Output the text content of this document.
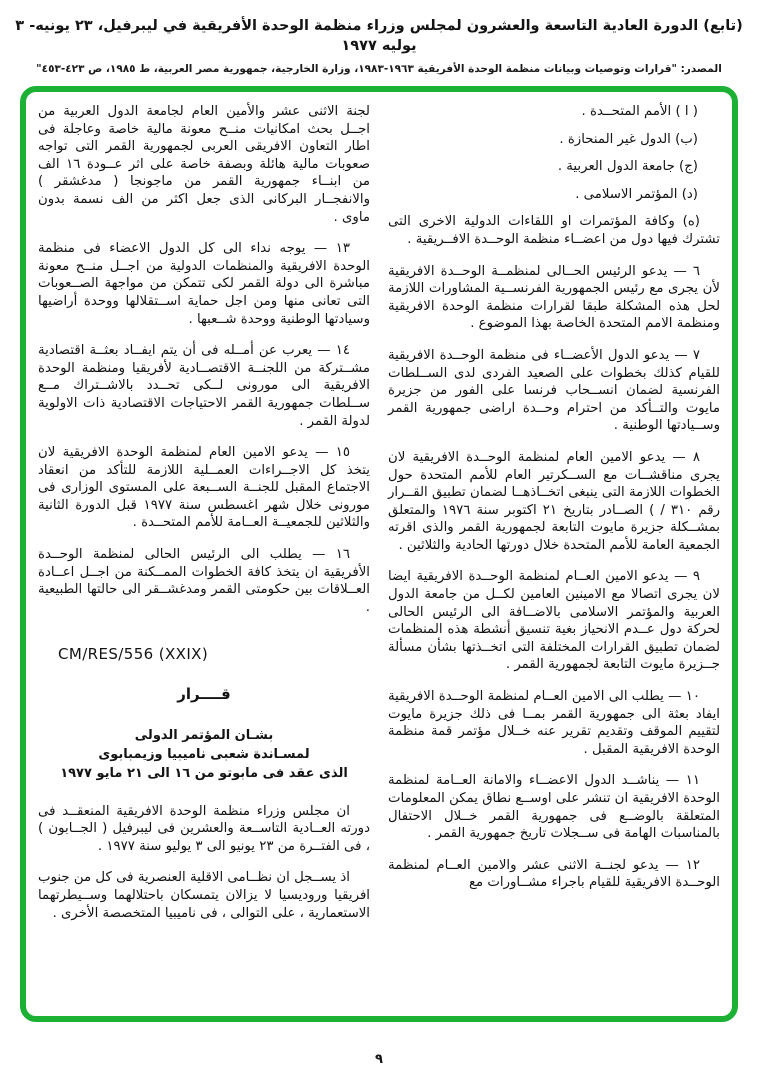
(تابع) الدورة العادية التاسعة والعشرون لمجلس وزراء منظمة الوحدة الأفريقية في ليبرفيل، ٢٣ يونيه- ٣ يوليه ١٩٧٧
المصدر: "قرارات وتوصيات وبيانات منظمة الوحدة الأفريقية ١٩٦٣-١٩٨٣، وزارة الخارجية، جمهورية مصر العربية، ط ١٩٨٥، ص ٤٢٣-٤٥٣"

( ا ) الأمم المتحــدة .

(ب) الدول غير المنحازة .

(ج) جامعة الدول العربية .

(د) المؤتمر الاسلامى .

(ه) وكافة المؤتمرات او اللقاءات الدولية الاخرى التى تشترك فيها دول من اعضــاء منظمة الوحــدة الافــريقية .

٦ — يدعو الرئيس الحــالى لمنظمــة الوحــدة الافريقية لأن يجرى مع رئيس الجمهورية الفرنســية المشاورات اللازمة لحل هذه المشكلة طبقا لقرارات منظمة الوحدة الافريقية ومنظمة الامم المتحدة الخاصة بهذا الموضوع .

٧ — يدعو الدول الأعضــاء فى منظمة الوحــدة الافريقية للقيام كذلك بخطوات على الصعيد الفردى لدى الســلطات الفرنسية لضمان انســحاب فرنسا على الفور من جزيرة مايوت والتــأكد من احترام وحــدة اراضى جمهورية القمر وســيادتها الوطنية .

٨ — يدعو الامين العام لمنظمة الوحــدة الافريقية لان يجرى مناقشــات مع الســكرتير العام للأمم المتحدة حول الخطوات اللازمة التى ينبغى اتخــاذهــا لضمان تطبيق القــرار رقم ٣١٠ / ) الصــادر بتاريخ ٢١ اكتوبر سنة ١٩٧٦ والمتعلق بمشــكلة جزيرة مايوت التابعة لجمهورية القمر والذى اقرته الجمعية العامة للأمم المتحدة خلال دورتها الحادية والثلاثين .

٩ — يدعو الامين العــام لمنظمة الوحــدة الافريقية ايضا لان يجرى اتصالا مع الامينين العامين لكــل من جامعة الدول العربية والمؤتمر الاسلامى بالاضــافة الى الرئيس الحالى لحركة دول عــدم الانحياز بغية تنسيق أنشطة هذه المنظمات لضمان تطبيق القرارات المختلفة التى اتخــذتها بشأن مسألة جــزيرة مايوت التابعة لجمهورية القمر .

١٠ — يطلب الى الامين العــام لمنظمة الوحــدة الافريقية ايفاد بعثة الى جمهورية القمر بمــا فى ذلك جزيرة مايوت لتقييم الموقف وتقديم تقرير عنه خــلال مؤتمر قمة منظمة الوحدة الافريقية المقبل .

١١ — يناشــد الدول الاعضــاء والامانة العــامة لمنظمة الوحدة الافريقية ان تنشر على اوســع نطاق يمكن المعلومات المتعلقة بالوضــع فى جمهورية القمر خــلال الاحتفال بالمناسبات الهامة فى ســجلات تاريخ جمهورية القمر .

١٢ — يدعو لجنــة الاثنى عشر والامين العــام لمنظمة الوحــدة الافريقية للقيام باجراء مشــاورات مع

لجنة الاثنى عشر والأمين العام لجامعة الدول العربية من اجــل بحث امكانيات منــح معونة مالية خاصة وعاجلة فى اطار التعاون الافريقى العربى لجمهورية القمر التى تواجه صعوبات مالية هائلة وبصفة خاصة على اثر عــودة ١٦ الف من ابنــاء جمهورية القمر من ماجونجا ( مدغشقر ) والانفجــار البركانى الذى جعل اكثر من الف نسمة بدون ماوى .

١٣ — يوجه نداء الى كل الدول الاعضاء فى منظمة الوحدة الافريقية والمنظمات الدولية من اجــل منــح معونة مباشرة الى دولة القمر لكى تتمكن من مواجهة الصــعوبات التى تعانى منها ومن اجل حماية اســتقلالها ووحدة أراضيها وسيادتها الوطنية ووحدة شــعبها .

١٤ — يعرب عن أمــله فى أن يتم ايفــاد بعثــة اقتصادية مشــتركة من اللجنــة الاقتصــادية لأفريقيا ومنظمة الوحدة الافريقية الى مورونى لــكى تحــدد بالاشــتراك مــع ســلطات جمهورية القمر الاحتياجات الاقتصادية ذات الاولوية لدولة القمر .

١٥ — يدعو الامين العام لمنظمة الوحدة الافريقية لان يتخذ كل الاجــراءات العمــلية اللازمة للتأكد من انعقاد الاجتماع المقبل للجنــة الســبعة على المستوى الوزارى فى مورونى خلال شهر اغسطس سنة ١٩٧٧ قبل الدورة الثانية والثلاثين للجمعيــة العــامة للأمم المتحــدة .

١٦ — يطلب الى الرئيس الحالى لمنظمة الوحــدة الأفريقية ان يتخذ كافة الخطوات الممــكنة من اجــل اعــادة العــلاقات بين حكومتى القمر ومدغشــقر الى حالتها الطبيعية .

CM/RES/556 (XXIX)

قــــرار
بشـان المؤتمر الدولى
لمسـاندة شعبى ناميبيا وزيمبابوى
الذى عقد فى مابوتو من ١٦ الى ٢١ مايو ١٩٧٧

ان مجلس وزراء منظمة الوحدة الافريقية المنعقــد فى دورته العــادية التاســعة والعشرين فى ليبرفيل ( الجــابون ) ، فى الفتــرة من ٢٣ يونيو الى ٣ يوليو سنة ١٩٧٧ .

اذ يســجل ان نظــامى الاقلية العنصرية فى كل من جنوب افريقيا وروديسيا لا يزالان يتمسكان باحتلالهما وســيطرتهما الاستعمارية ، على التوالى ، فى ناميبيا المتخصصة الأخرى .

٩
